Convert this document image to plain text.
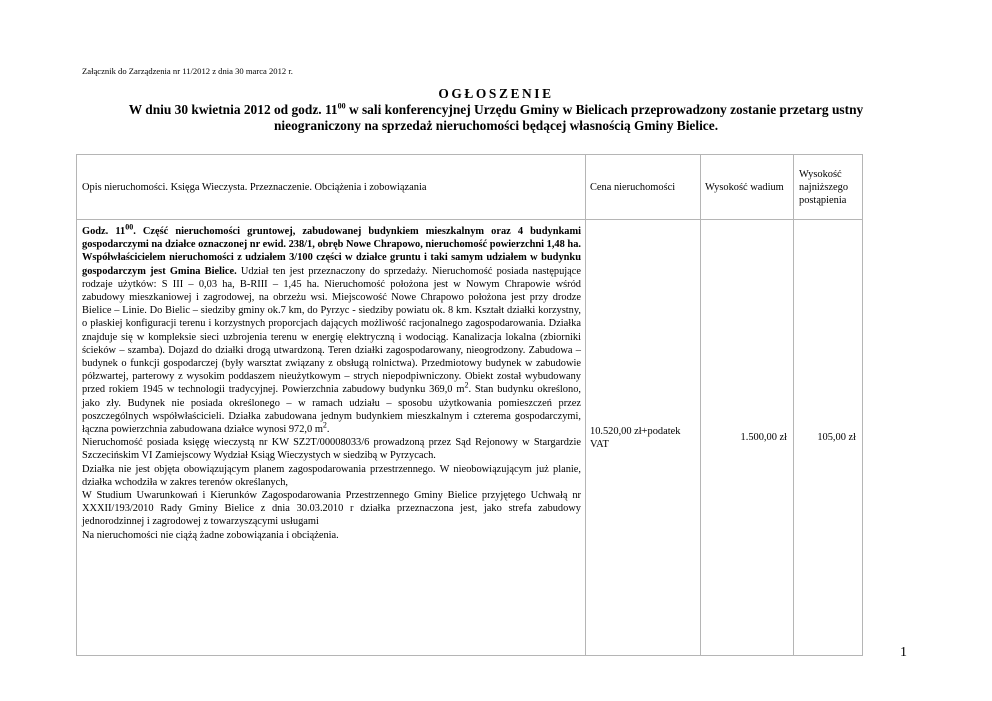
Załącznik do Zarządzenia nr 11/2012 z dnia 30 marca 2012 r.
OGŁOSZENIE
W dniu 30 kwietnia 2012 od godz. $11^{00}$ w sali konferencyjnej Urzędu Gminy w Bielicach przeprowadzony zostanie przetarg ustny
nieograniczony na sprzedaż nieruchomości będącej własnością Gminy Bielice.
Opis nieruchomości. Księga Wieczysta. Przeznaczenie. Obciążenia i zobowiązania	Cena nieruchomości	Wysokość wadium	Wysokość najniższego postąpienia

Godz. $11^{00}$. Część nieruchomości gruntowej, zabudowanej budynkiem mieszkalnym oraz 4 budynkami gospodarczymi na działce oznaczonej nr ewid. 238/1, obręb Nowe Chrapowo, nieruchomość powierzchni 1,48 ha. Współwłaścicielem nieruchomości z udziałem 3/100 części w działce gruntu i taki samym udziałem w budynku gospodarczym jest Gmina Bielice. Udział ten jest przeznaczony do sprzedaży. Nieruchomość posiada następujące rodzaje użytków: S III – 0,03 ha, B-RIII – 1,45 ha. Nieruchomość położona jest w Nowym Chrapowie wśród zabudowy mieszkaniowej i zagrodowej, na obrzeżu wsi. Miejscowość Nowe Chrapowo położona jest przy drodze Bielice – Linie. Do Bielic – siedziby gminy ok.7 km, do Pyrzyc - siedziby powiatu ok. 8 km. Kształt działki korzystny, o płaskiej konfiguracji terenu i korzystnych proporcjach dających możliwość racjonalnego zagospodarowania. Działka znajduje się w kompleksie sieci uzbrojenia terenu w energię elektryczną i wodociąg. Kanalizacja lokalna (zbiorniki ścieków – szamba). Dojazd do działki drogą utwardzoną. Teren działki zagospodarowany, nieogrodzony. Zabudowa – budynek o funkcji gospodarczej (były warsztat związany z obsługą rolnictwa). Przedmiotowy budynek w zabudowie półzwartej, parterowy z wysokim poddaszem nieużytkowym – strych niepodpiwniczony. Obiekt został wybudowany przed rokiem 1945 w technologii tradycyjnej. Powierzchnia zabudowy budynku 369,0 $m^2$. Stan budynku określono, jako zły. Budynek nie posiada określonego – w ramach udziału – sposobu użytkowania pomieszczeń przez poszczególnych współwłaścicieli. Działka zabudowana jednym budynkiem mieszkalnym i czterema gospodarczymi, łączna powierzchnia zabudowana działce wynosi 972,0 $m^2$.

Nieruchomość posiada księgę wieczystą nr KW SZ2T/00008033/6 prowadzoną przez Sąd Rejonowy w Stargardzie Szczecińskim VI Zamiejscowy Wydział Ksiąg Wieczystych w siedzibą w Pyrzycach.

Działka nie jest objęta obowiązującym planem zagospodarowania przestrzennego. W nieobowiązującym już planie, działka wchodziła w zakres terenów określanych,

W Studium Uwarunkowań i Kierunków Zagospodarowania Przestrzennego Gminy Bielice przyjętego Uchwałą nr XXXII/193/2010 Rady Gminy Bielice z dnia 30.03.2010 r działka przeznaczona jest, jako strefa zabudowy jednorodzinnej i zagrodowej z towarzyszącymi usługami

Na nieruchomości nie ciążą żadne zobowiązania i obciążenia.	10.520,00 zł+podatek VAT	1.500,00 zł	105,00 zł
1
